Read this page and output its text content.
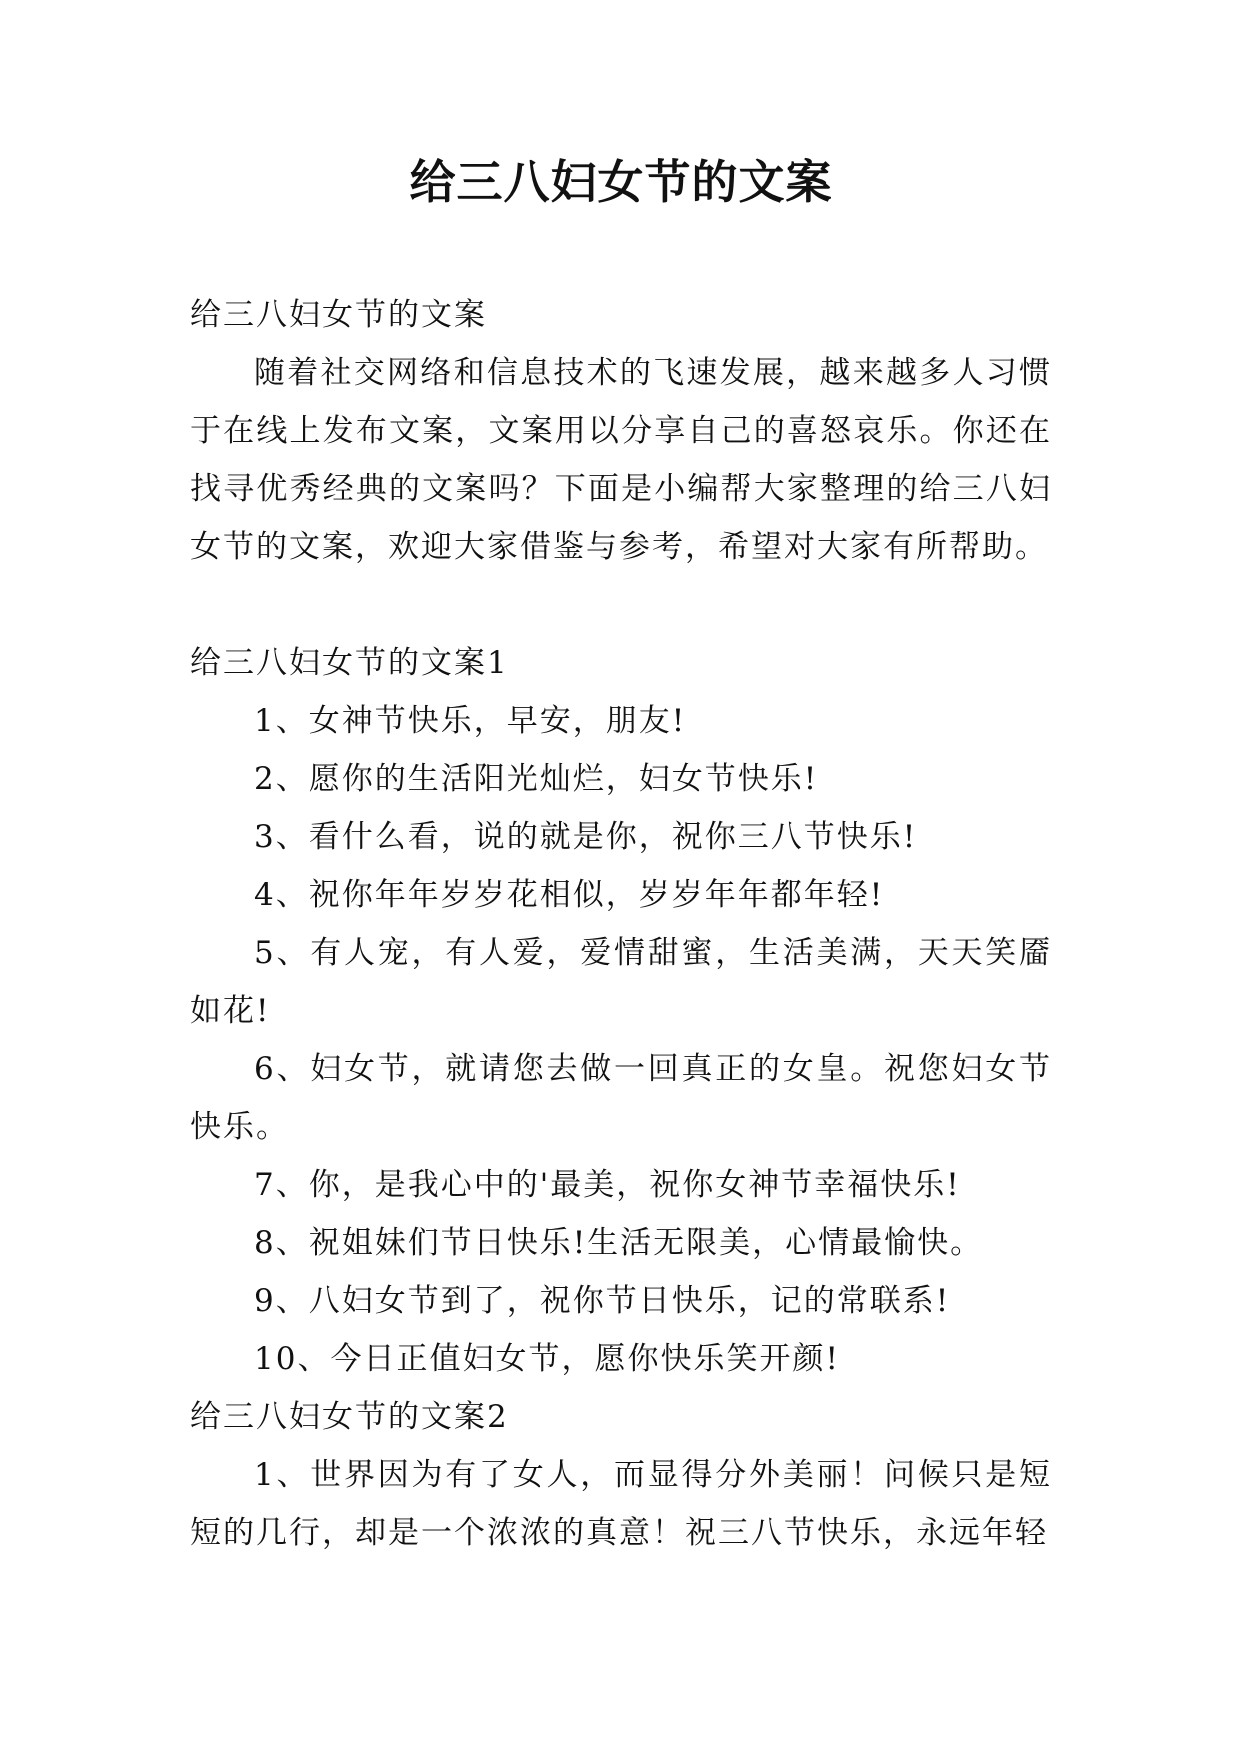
给三八妇女节的文案

给三八妇女节的文案

随着社交网络和信息技术的飞速发展，越来越多人习惯于在线上发布文案，文案用以分享自己的喜怒哀乐。你还在找寻优秀经典的文案吗？下面是小编帮大家整理的给三八妇女节的文案，欢迎大家借鉴与参考，希望对大家有所帮助。

给三八妇女节的文案1

1、女神节快乐，早安，朋友!

2、愿你的生活阳光灿烂，妇女节快乐!

3、看什么看，说的就是你，祝你三八节快乐!

4、祝你年年岁岁花相似，岁岁年年都年轻!

5、有人宠，有人爱，爱情甜蜜，生活美满，天天笑靥如花!

6、妇女节，就请您去做一回真正的女皇。祝您妇女节快乐。

7、你，是我心中的'最美，祝你女神节幸福快乐!

8、祝姐妹们节日快乐!生活无限美，心情最愉快。

9、八妇女节到了，祝你节日快乐，记的常联系!

10、今日正值妇女节，愿你快乐笑开颜!

给三八妇女节的文案2

1、世界因为有了女人，而显得分外美丽！问候只是短短的几行，却是一个浓浓的真意！祝三八节快乐，永远年轻
